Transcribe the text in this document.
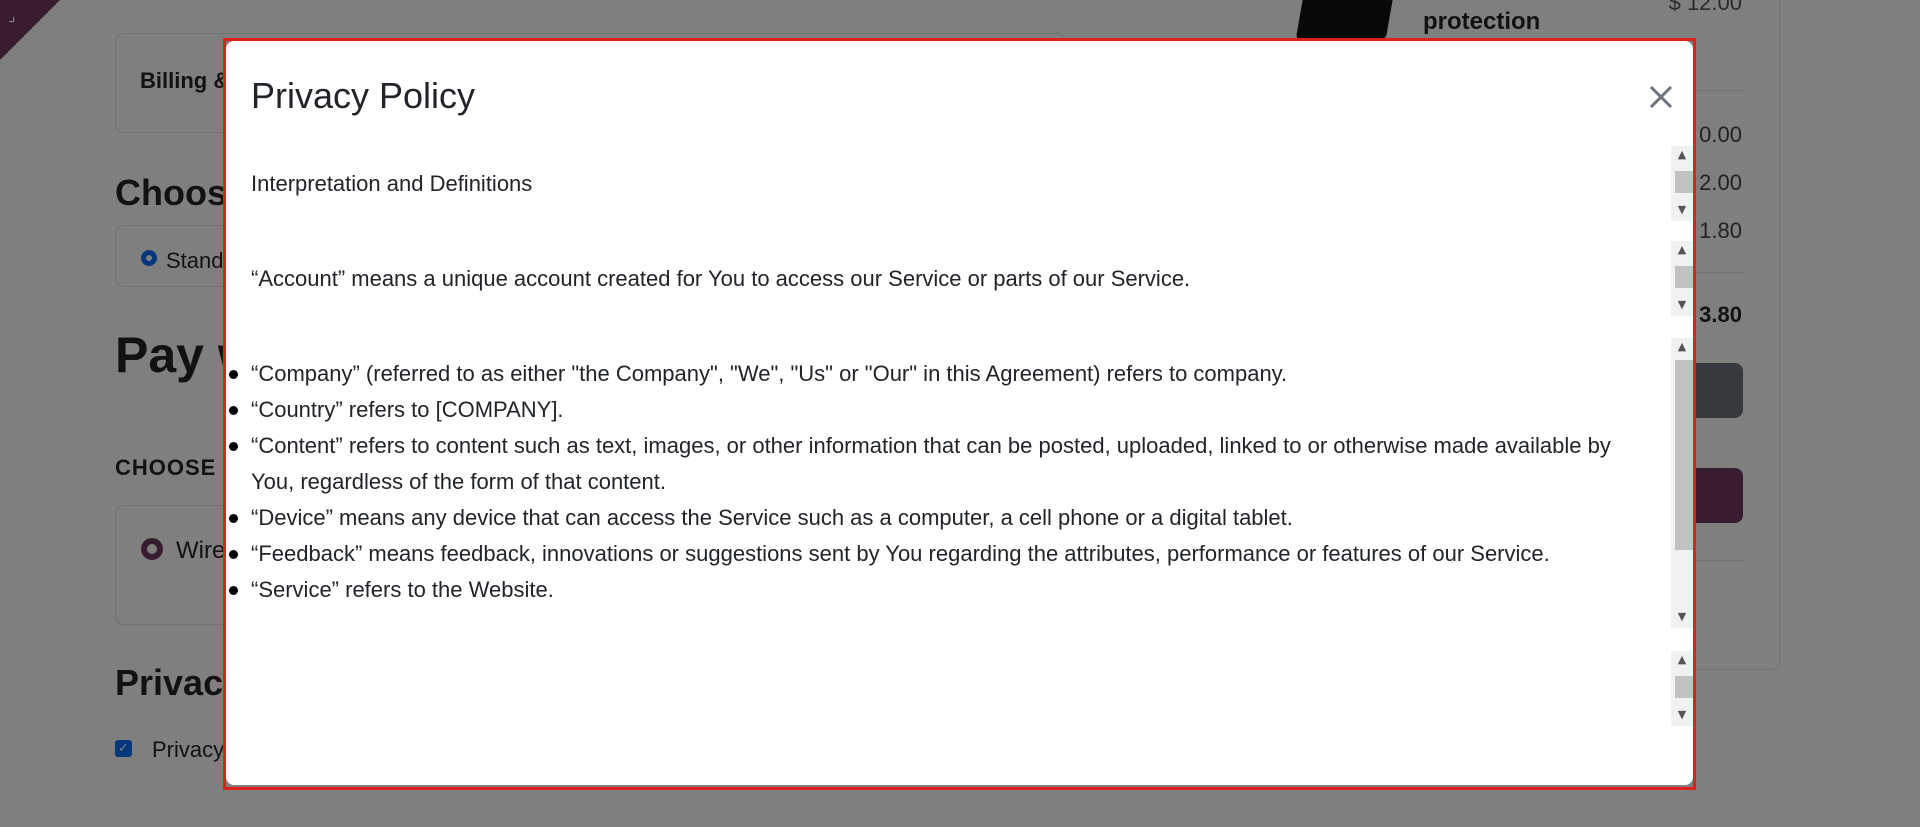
Privacy Policy
Interpretation and Definitions
▲
▼
“Account” means a unique account created for You to access our Service or parts of our Service.
▲
▼
“Company” (referred to as either "the Company", "We", "Us" or "Our" in this Agreement) refers to company.
“Country” refers to [COMPANY].
“Content” refers to content such as text, images, or other information that can be posted, uploaded, linked to or otherwise made available by You, regardless of the form of that content.
“Device” means any device that can access the Service such as a computer, a cell phone or a digital tablet.
“Feedback” means feedback, innovations or suggestions sent by You regarding the attributes, performance or features of our Service.
“Service” refers to the Website.
▲
▼
▲
▼
